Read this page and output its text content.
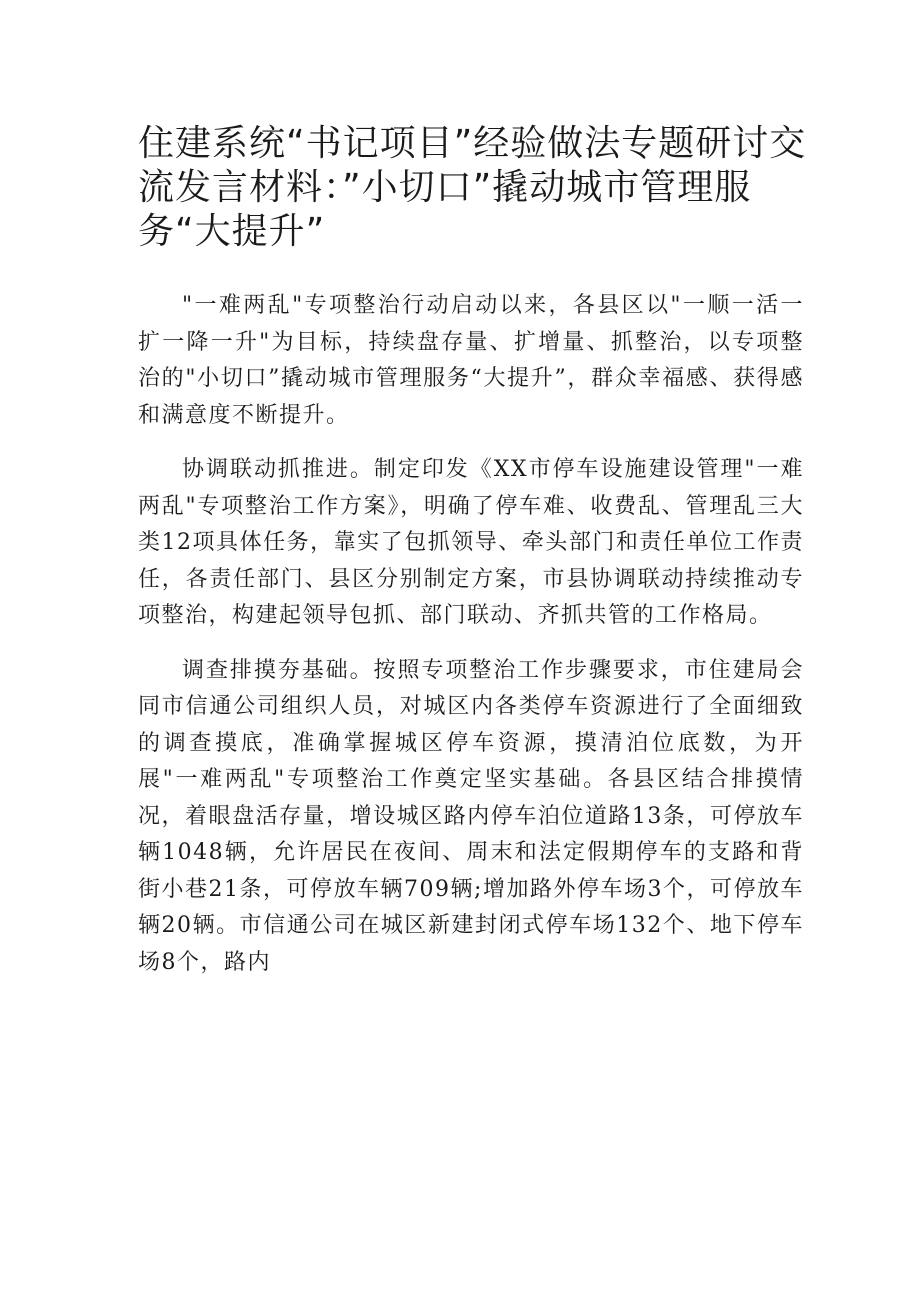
住建系统“书记项目”经验做法专题研讨交流发言材料：”小切口”撬动城市管理服务“大提升”

"一难两乱"专项整治行动启动以来，各县区以"一顺一活一扩一降一升"为目标，持续盘存量、扩增量、抓整治，以专项整治的"小切口”撬动城市管理服务“大提升”，群众幸福感、获得感和满意度不断提升。

协调联动抓推进。制定印发《XX市停车设施建设管理"一难两乱"专项整治工作方案》，明确了停车难、收费乱、管理乱三大类12项具体任务，靠实了包抓领导、牵头部门和责任单位工作责任，各责任部门、县区分别制定方案，市县协调联动持续推动专项整治，构建起领导包抓、部门联动、齐抓共管的工作格局。

调查排摸夯基础。按照专项整治工作步骤要求，市住建局会同市信通公司组织人员，对城区内各类停车资源进行了全面细致的调查摸底，准确掌握城区停车资源，摸清泊位底数，为开展"一难两乱"专项整治工作奠定坚实基础。各县区结合排摸情况，着眼盘活存量，增设城区路内停车泊位道路13条，可停放车辆1048辆，允许居民在夜间、周末和法定假期停车的支路和背街小巷21条，可停放车辆709辆;增加路外停车场3个，可停放车辆20辆。市信通公司在城区新建封闭式停车场132个、地下停车场8个，路内
